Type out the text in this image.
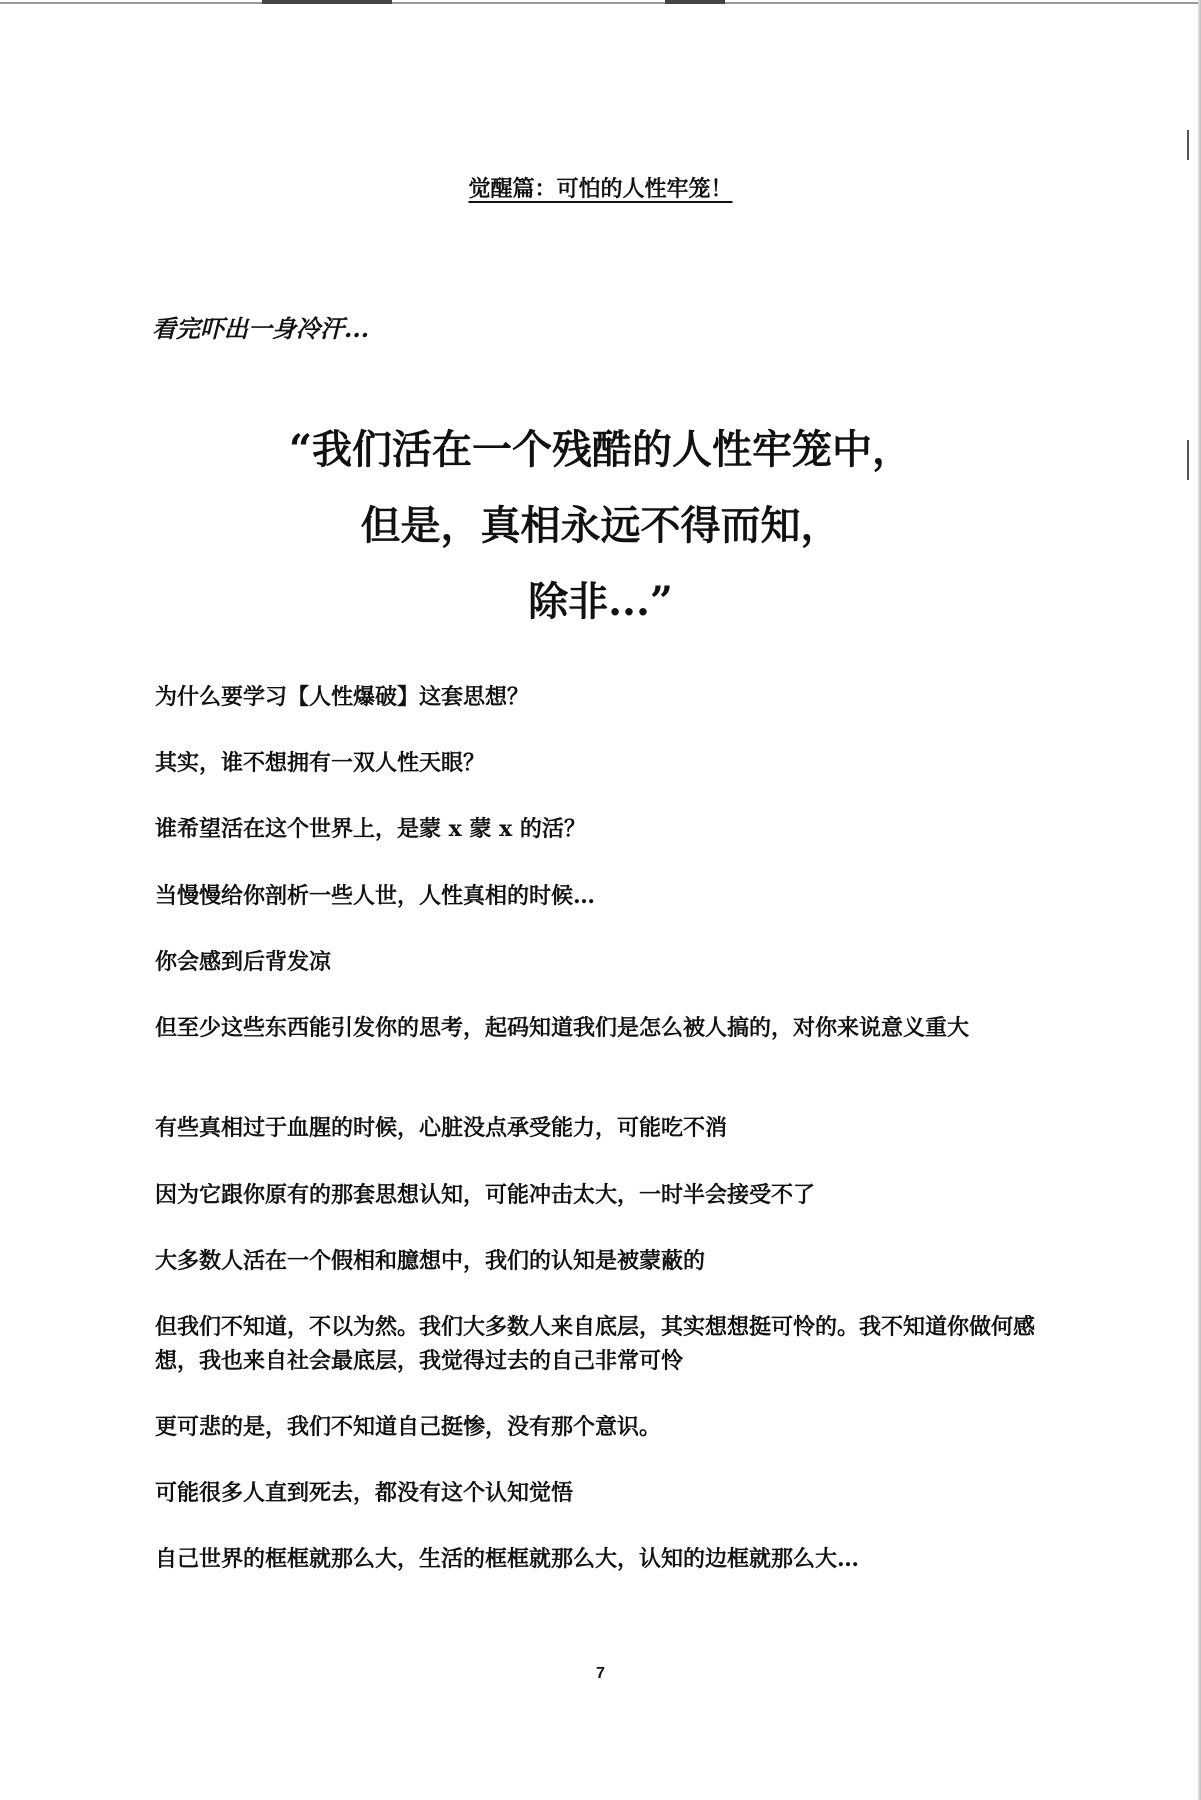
觉醒篇：可怕的人性牢笼！
看完吓出一身冷汗...
“我们活在一个残酷的人性牢笼中，
但是，真相永远不得而知，
除非...”

为什么要学习【人性爆破】这套思想？

其实，谁不想拥有一双人性天眼？

谁希望活在这个世界上，是蒙 x 蒙 x 的活？

当慢慢给你剖析一些人世，人性真相的时候…

你会感到后背发凉

但至少这些东西能引发你的思考，起码知道我们是怎么被人搞的，对你来说意义重大

有些真相过于血腥的时候，心脏没点承受能力，可能吃不消

因为它跟你原有的那套思想认知，可能冲击太大，一时半会接受不了

大多数人活在一个假相和臆想中，我们的认知是被蒙蔽的

但我们不知道，不以为然。我们大多数人来自底层，其实想想挺可怜的。我不知道你做何感想，我也来自社会最底层，我觉得过去的自己非常可怜

更可悲的是，我们不知道自己挺惨，没有那个意识。

可能很多人直到死去，都没有这个认知觉悟

自己世界的框框就那么大，生活的框框就那么大，认知的边框就那么大…

7
